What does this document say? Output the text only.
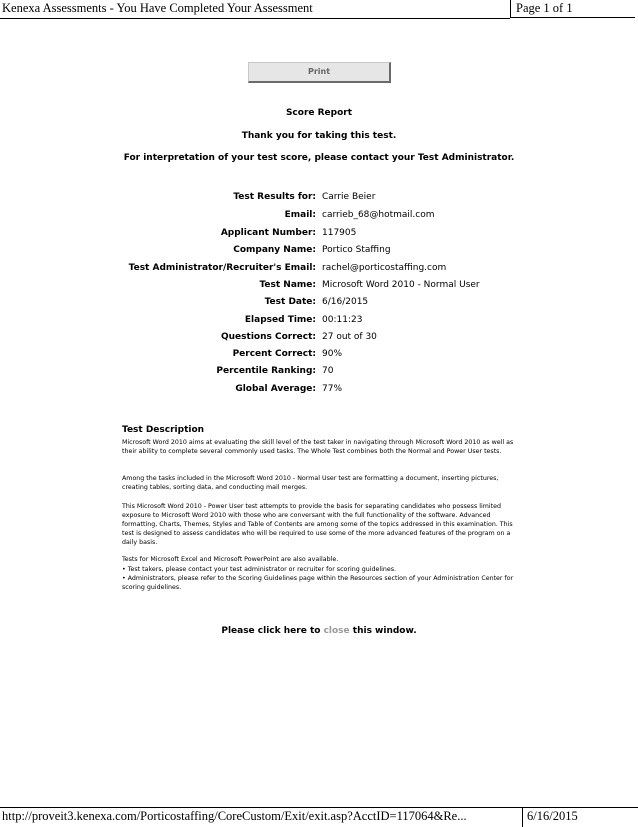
Kenexa Assessments - You Have Completed Your Assessment	Page 1 of 1
Print
Score Report
Thank you for taking this test.
For interpretation of your test score, please contact your Test Administrator.
Test Results for: Carrie Beier
Email: carrieb_68@hotmail.com
Applicant Number: 117905
Company Name: Portico Staffing
Test Administrator/Recruiter's Email: rachel@porticostaffing.com
Test Name: Microsoft Word 2010 - Normal User
Test Date: 6/16/2015
Elapsed Time: 00:11:23
Questions Correct: 27 out of 30
Percent Correct: 90%
Percentile Ranking: 70
Global Average: 77%
Test Description

Microsoft Word 2010 aims at evaluating the skill level of the test taker in navigating through Microsoft Word 2010 as well as their ability to complete several commonly used tasks. The Whole Test combines both the Normal and Power User tests.

Among the tasks included in the Microsoft Word 2010 - Normal User test are formatting a document, inserting pictures, creating tables, sorting data, and conducting mail merges.

This Microsoft Word 2010 - Power User test attempts to provide the basis for separating candidates who possess limited exposure to Microsoft Word 2010 with those who are conversant with the full functionality of the software. Advanced formatting, Charts, Themes, Styles and Table of Contents are among some of the topics addressed in this examination. This test is designed to assess candidates who will be required to use some of the more advanced features of the program on a daily basis.

Tests for Microsoft Excel and Microsoft PowerPoint are also available.

• Test takers, please contact your test administrator or recruiter for scoring guidelines.

• Administrators, please refer to the Scoring Guidelines page within the Resources section of your Administration Center for scoring guidelines.

Please click here to close this window.
http://proveit3.kenexa.com/Porticostaffing/CoreCustom/Exit/exit.asp?AcctID=117064&Re...	6/16/2015
